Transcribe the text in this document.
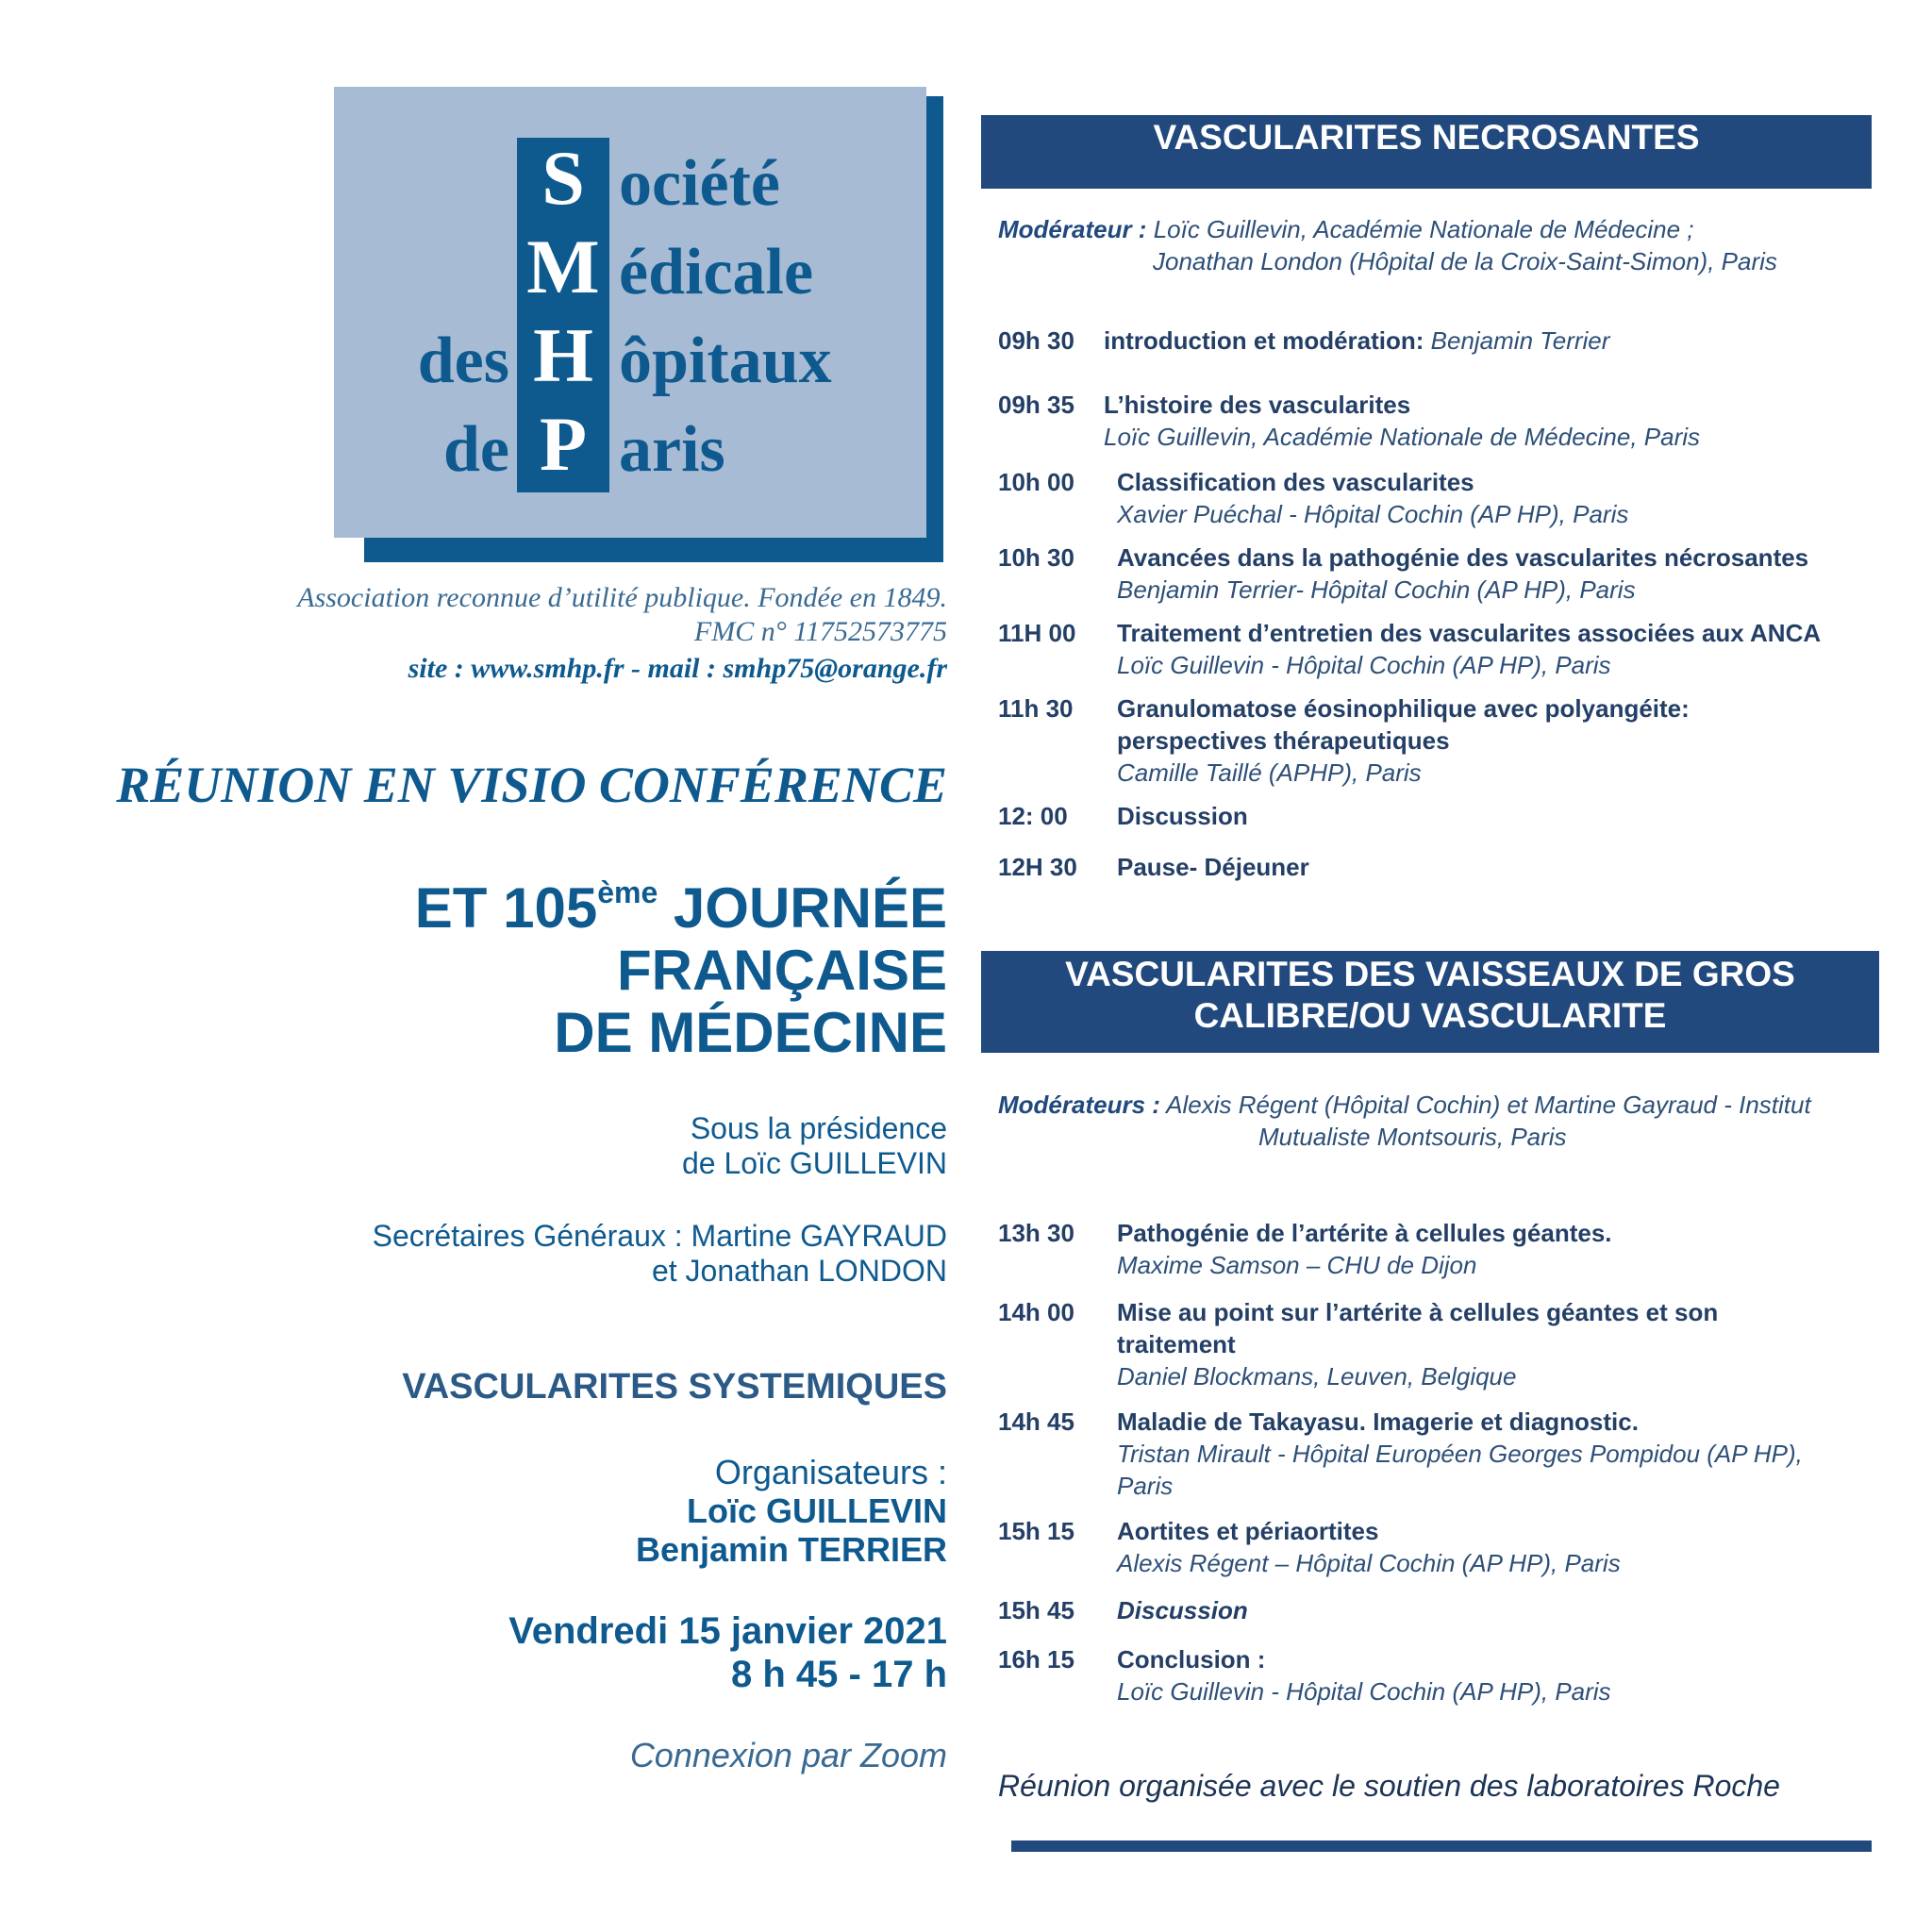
S
M
H
P
ociété
édicale
ôpitaux
aris
des
de
Association reconnue d’utilité publique. Fondée en 1849.
FMC n° 11752573775
site : www.smhp.fr - mail : smhp75@orange.fr
RÉUNION EN VISIO CONFÉRENCE
ET 105ème JOURNÉE
FRANÇAISE
DE MÉDECINE
Sous la présidence
de Loïc GUILLEVIN
Secrétaires Généraux : Martine GAYRAUD
et Jonathan LONDON
VASCULARITES SYSTEMIQUES
Organisateurs :
Loïc GUILLEVIN
Benjamin TERRIER
Vendredi 15 janvier 2021
8 h 45 - 17 h
Connexion par Zoom
VASCULARITES NECROSANTES
Modérateur : Loïc Guillevin, Académie Nationale de Médecine ;
Jonathan London (Hôpital de la Croix-Saint-Simon), Paris
09h 30 introduction et modération: Benjamin Terrier
09h 35 L’histoire des vascularites
Loïc Guillevin, Académie Nationale de Médecine, Paris
10h 00 Classification des vascularites
Xavier Puéchal - Hôpital Cochin (AP HP), Paris
10h 30 Avancées dans la pathogénie des vascularites nécrosantes
Benjamin Terrier- Hôpital Cochin (AP HP), Paris
11H 00 Traitement d’entretien des vascularites associées aux ANCA
Loïc Guillevin - Hôpital Cochin (AP HP), Paris
11h 30 Granulomatose éosinophilique avec polyangéite:
perspectives thérapeutiques
Camille Taillé (APHP), Paris
12: 00 Discussion
12H 30 Pause- Déjeuner
VASCULARITES DES VAISSEAUX DE GROS
CALIBRE/OU VASCULARITE
Modérateurs : Alexis Régent (Hôpital Cochin) et Martine Gayraud - Institut
Mutualiste Montsouris, Paris
13h 30 Pathogénie de l’artérite à cellules géantes.
Maxime Samson – CHU de Dijon
14h 00 Mise au point sur l’artérite à cellules géantes et son
traitement
Daniel Blockmans, Leuven, Belgique
14h 45 Maladie de Takayasu. Imagerie et diagnostic.
Tristan Mirault - Hôpital Européen Georges Pompidou (AP HP),
Paris
15h 15 Aortites et périaortites
Alexis Régent – Hôpital Cochin (AP HP), Paris
15h 45 Discussion
16h 15 Conclusion :
Loïc Guillevin - Hôpital Cochin (AP HP), Paris
Réunion organisée avec le soutien des laboratoires Roche
